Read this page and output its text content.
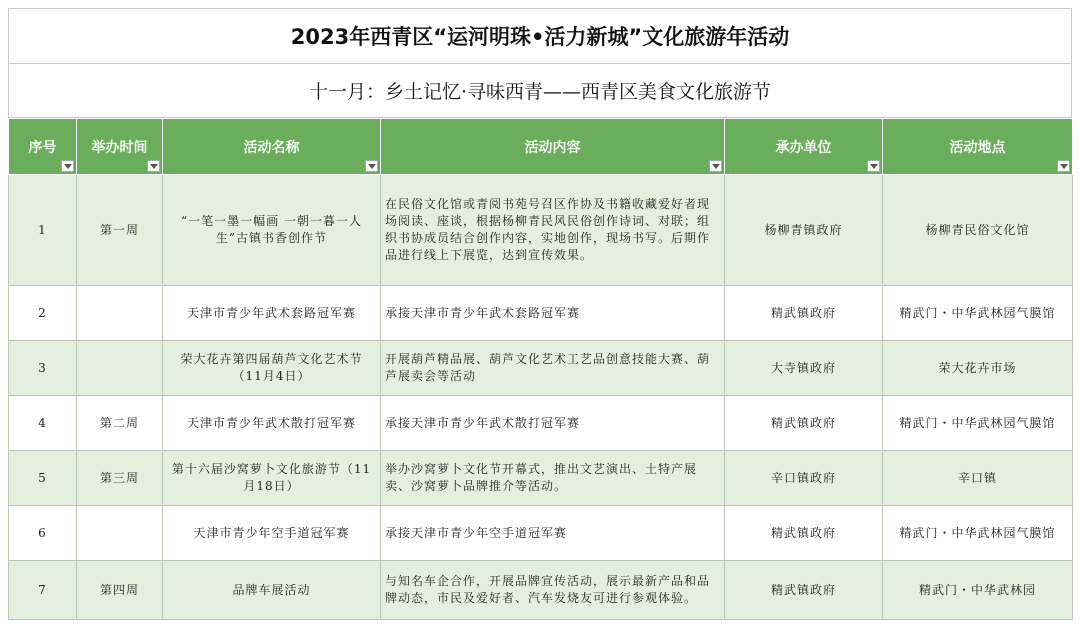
2023年西青区“运河明珠•活力新城”文化旅游年活动
十一月：乡土记忆·寻味西青——西青区美食文化旅游节
序号	举办时间	活动名称	活动内容	承办单位	活动地点

1	第一周	“一笔一墨一幅画 一朝一暮一人生”古镇书香创作节	在民俗文化馆或青阅书苑号召区作协及书籍收藏爱好者现场阅读、座谈，根据杨柳青民风民俗创作诗词、对联；组织书协成员结合创作内容，实地创作，现场书写。后期作品进行线上下展览，达到宣传效果。	杨柳青镇政府	杨柳青民俗文化馆
2		天津市青少年武术套路冠军赛	承接天津市青少年武术套路冠军赛	精武镇政府	精武门・中华武林园气膜馆
3		荣大花卉第四届葫芦文化艺术节（11月4日）	开展葫芦精品展、葫芦文化艺术工艺品创意技能大赛、葫芦展卖会等活动	大寺镇政府	荣大花卉市场
4	第二周	天津市青少年武术散打冠军赛	承接天津市青少年武术散打冠军赛	精武镇政府	精武门・中华武林园气膜馆
5	第三周	第十六届沙窝萝卜文化旅游节（11月18日）	举办沙窝萝卜文化节开幕式，推出文艺演出、土特产展卖、沙窝萝卜品牌推介等活动。	辛口镇政府	辛口镇
6		天津市青少年空手道冠军赛	承接天津市青少年空手道冠军赛	精武镇政府	精武门・中华武林园气膜馆
7	第四周	品牌车展活动	与知名车企合作，开展品牌宣传活动，展示最新产品和品牌动态，市民及爱好者、汽车发烧友可进行参观体验。	精武镇政府	精武门・中华武林园
